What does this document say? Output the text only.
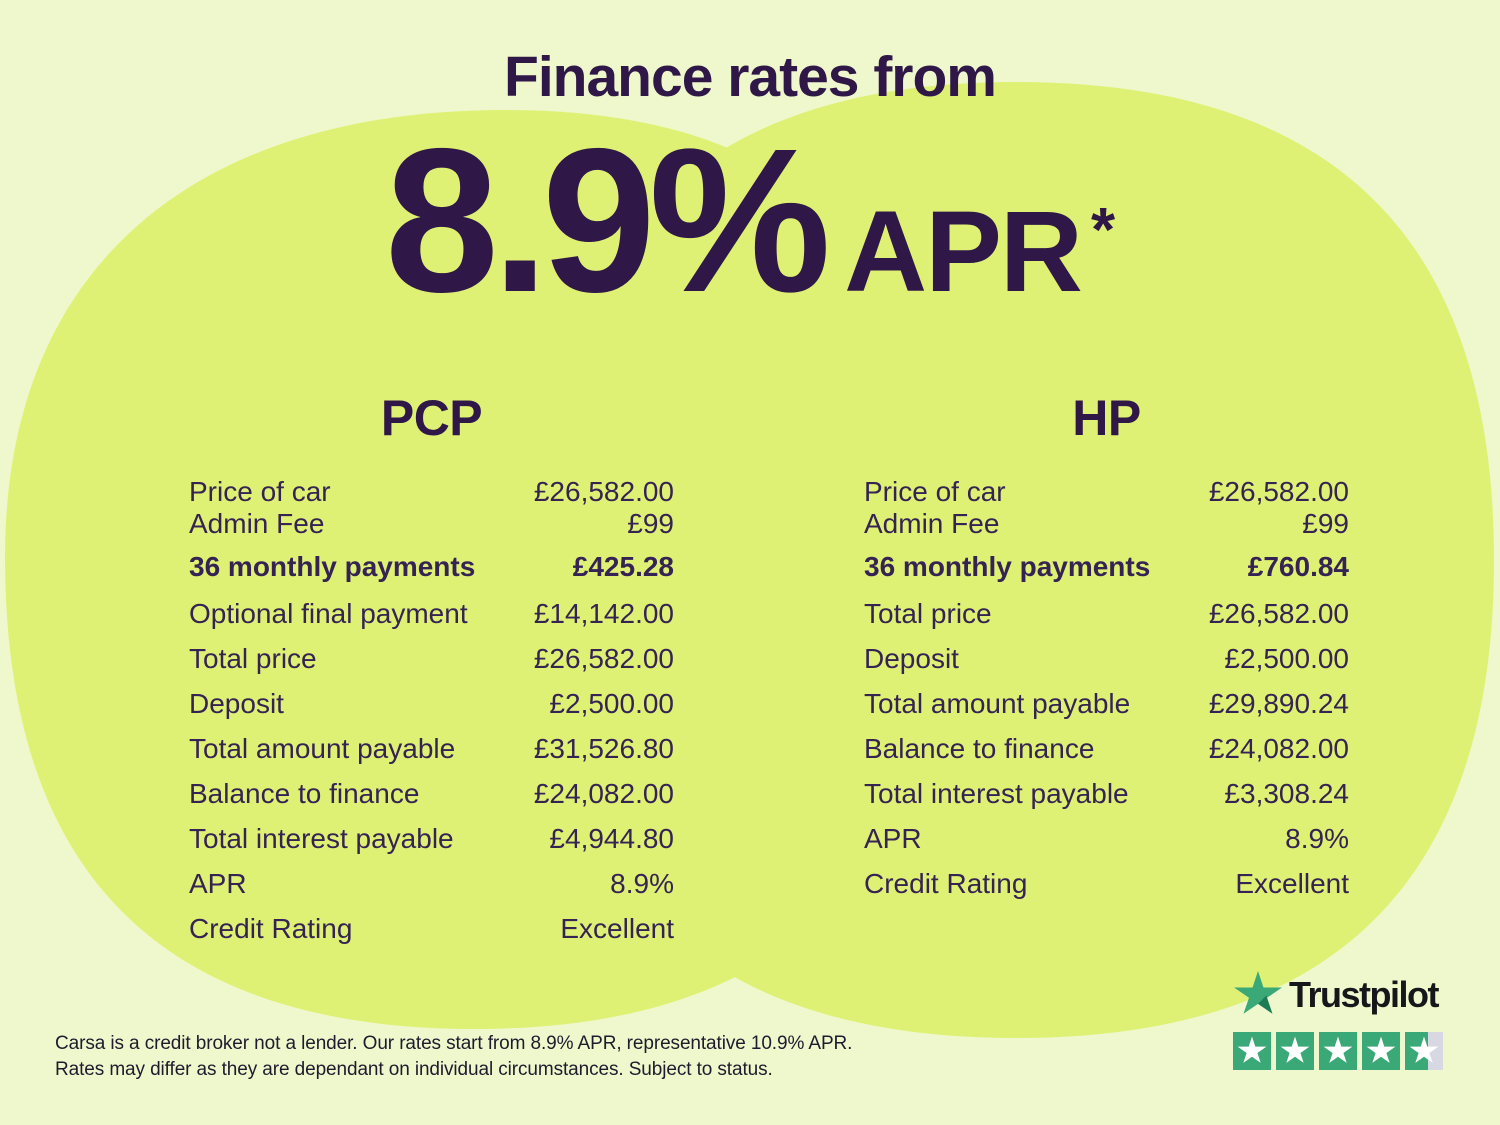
Finance rates from
8.9% APR *
PCP
Price of car	£26,582.00
Admin Fee	£99
36 monthly payments	£425.28
Optional final payment £14,142.00
Total price	£26,582.00
Deposit	£2,500.00
Total amount payable	£31,526.80
Balance to finance	£24,082.00
Total interest payable	£4,944.80
APR	8.9%
Credit Rating	Excellent
HP
Price of car	£26,582.00
Admin Fee	£99
36 monthly payments	£760.84
Total price	£26,582.00
Deposit	£2,500.00
Total amount payable	£29,890.24
Balance to finance	£24,082.00
Total interest payable	£3,308.24
APR	8.9%
Credit Rating	Excellent
Carsa is a credit broker not a lender. Our rates start from 8.9% APR, representative 10.9% APR.
Rates may differ as they are dependant on individual circumstances. Subject to status.
Trustpilot
